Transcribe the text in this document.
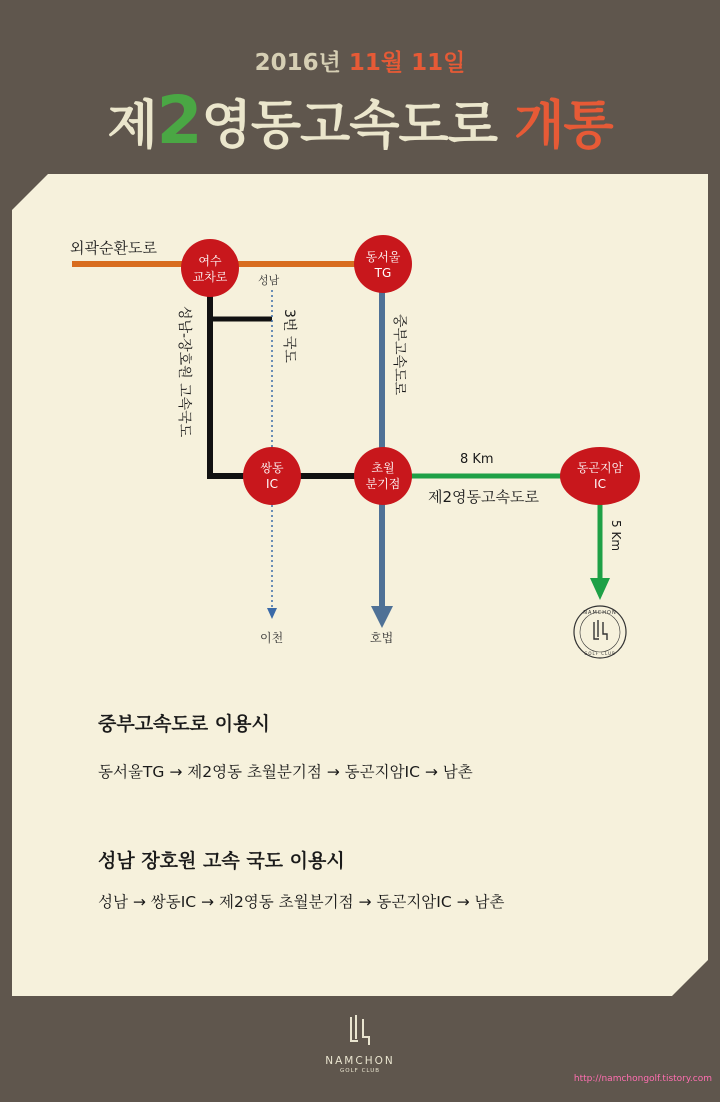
2016년 11월 11일
제2영동고속도로 개통
외곽순환도로
성남-장호원 고속국도	3번 국도
성남
이천
중부고속도로
호법
8 Km
제2영동고속도로
5 Km
여수
교차로
동서울
TG
쌍동
IC
초월
분기점
동곤지암
IC
NAMCHON
GOLF CLUB
중부고속도로 이용시
동서울TG → 제2영동 초월분기점 → 동곤지암IC → 남촌
성남 장호원 고속 국도 이용시
성남 → 쌍동IC → 제2영동 초월분기점 → 동곤지암IC → 남촌
NAMCHON
GOLF CLUB
http://namchongolf.tistory.com
